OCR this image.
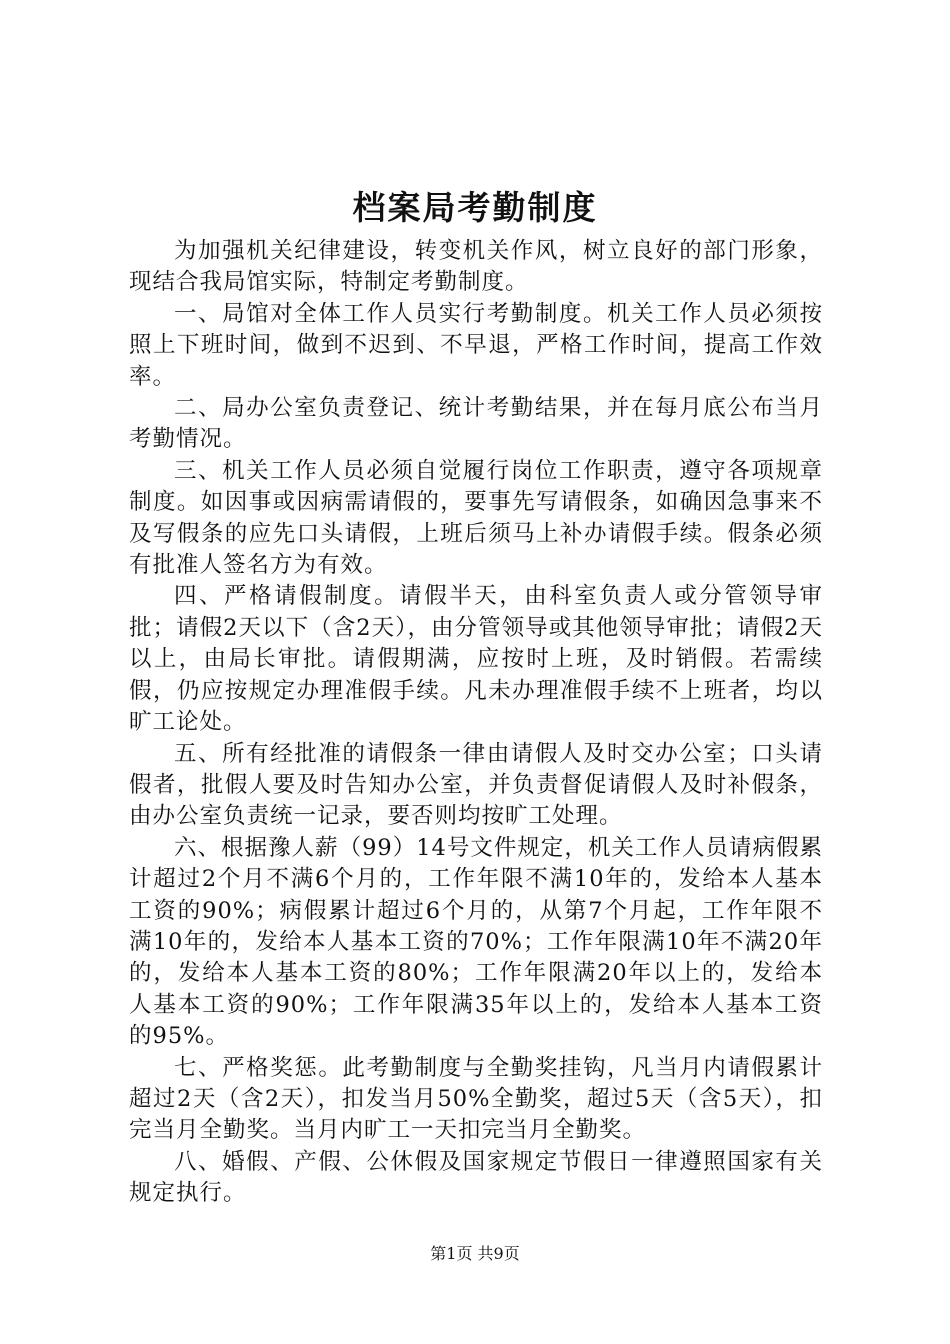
档案局考勤制度

为加强机关纪律建设，转变机关作风，树立良好的部门形象，现结合我局馆实际，特制定考勤制度。

一、局馆对全体工作人员实行考勤制度。机关工作人员必须按照上下班时间，做到不迟到、不早退，严格工作时间，提高工作效率。

二、局办公室负责登记、统计考勤结果，并在每月底公布当月考勤情况。

三、机关工作人员必须自觉履行岗位工作职责，遵守各项规章制度。如因事或因病需请假的，要事先写请假条，如确因急事来不及写假条的应先口头请假，上班后须马上补办请假手续。假条必须有批准人签名方为有效。

四、严格请假制度。请假半天，由科室负责人或分管领导审批；请假2天以下（含2天），由分管领导或其他领导审批；请假2天以上，由局长审批。请假期满，应按时上班，及时销假。若需续假，仍应按规定办理准假手续。凡未办理准假手续不上班者，均以旷工论处。

五、所有经批准的请假条一律由请假人及时交办公室；口头请假者，批假人要及时告知办公室，并负责督促请假人及时补假条，由办公室负责统一记录，要否则均按旷工处理。

六、根据豫人薪（99）14号文件规定，机关工作人员请病假累计超过2个月不满6个月的，工作年限不满10年的，发给本人基本工资的90%；病假累计超过6个月的，从第7个月起，工作年限不满10年的，发给本人基本工资的70%；工作年限满10年不满20年的，发给本人基本工资的80%；工作年限满20年以上的，发给本人基本工资的90%；工作年限满35年以上的，发给本人基本工资的95%。

七、严格奖惩。此考勤制度与全勤奖挂钩，凡当月内请假累计超过2天（含2天），扣发当月50%全勤奖，超过5天（含5天），扣完当月全勤奖。当月内旷工一天扣完当月全勤奖。

八、婚假、产假、公休假及国家规定节假日一律遵照国家有关规定执行。

第1页 共9页
